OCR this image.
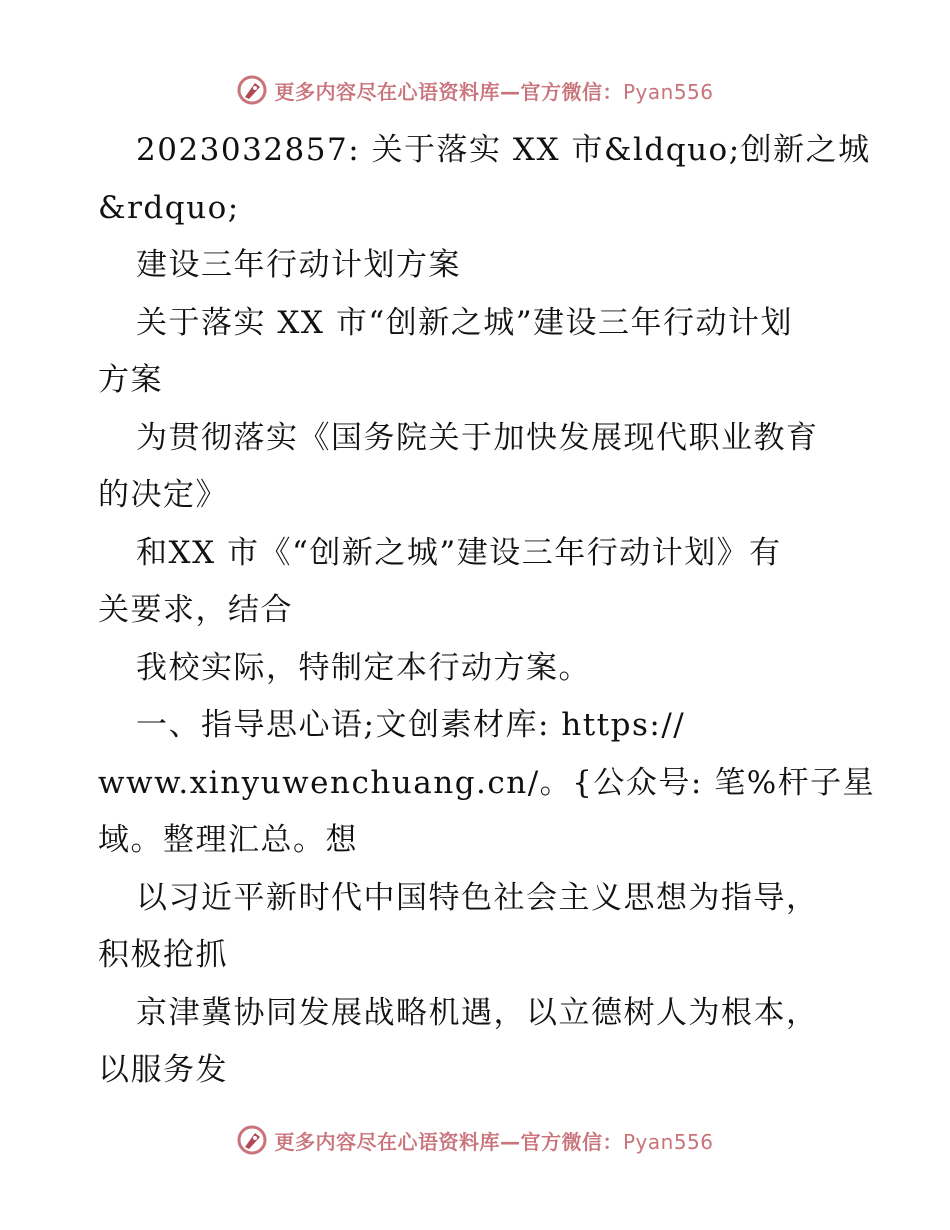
更多内容尽在心语资料库—官方微信：Pyan556
2023032857: 关于落实 XX 市&ldquo;创新之城
&rdquo;
建设三年行动计划方案
关于落实 XX 市“创新之城”建设三年行动计划
方案
为贯彻落实《国务院关于加快发展现代职业教育
的决定》
和XX 市《“创新之城”建设三年行动计划》有
关要求，结合
我校实际，特制定本行动方案。
一、指导思心语;文创素材库: https://
www.xinyuwenchuang.cn/。{公众号: 笔%杆子星
域。整理汇总。想
以习近平新时代中国特色社会主义思想为指导，
积极抢抓
京津冀协同发展战略机遇，以立德树人为根本，
以服务发
更多内容尽在心语资料库—官方微信：Pyan556
